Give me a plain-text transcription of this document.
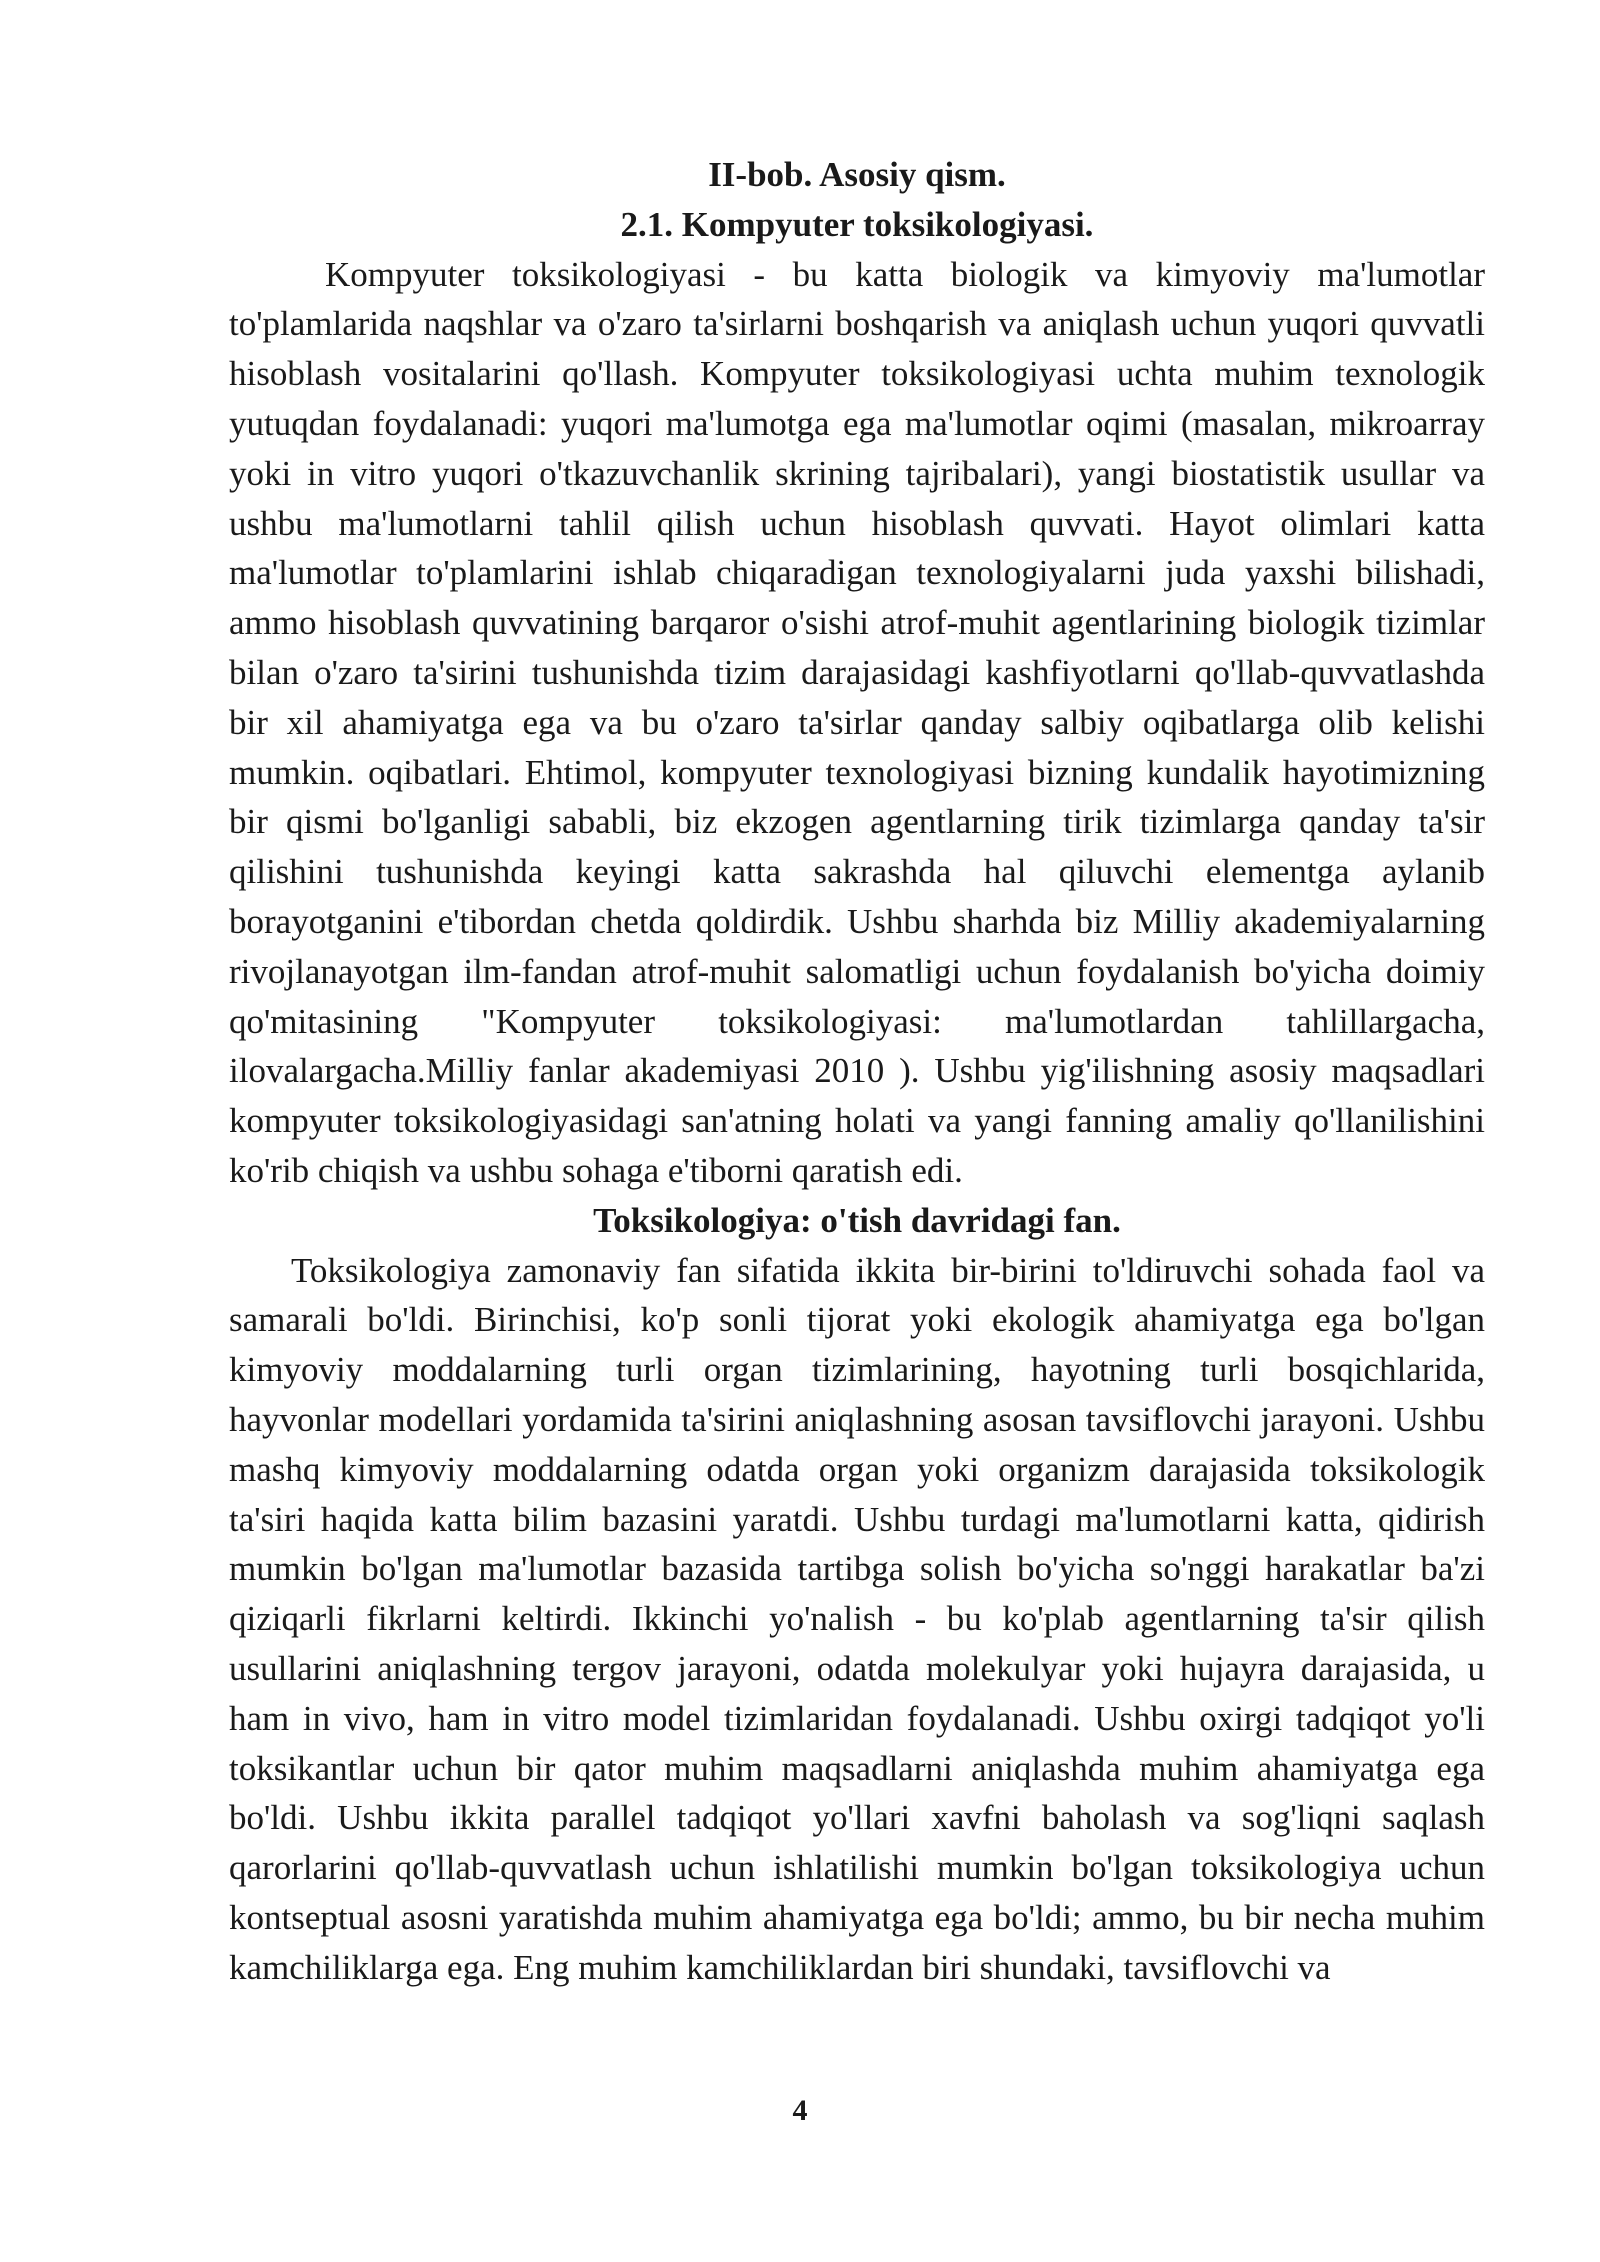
II-bob. Asosiy qism.

2.1. Kompyuter toksikologiyasi.

Kompyuter toksikologiyasi - bu katta biologik va kimyoviy ma'lumotlar to'plamlarida naqshlar va o'zaro ta'sirlarni boshqarish va aniqlash uchun yuqori quvvatli hisoblash vositalarini qo'llash. Kompyuter toksikologiyasi uchta muhim texnologik yutuqdan foydalanadi: yuqori ma'lumotga ega ma'lumotlar oqimi (masalan, mikroarray yoki in vitro yuqori o'tkazuvchanlik skrining tajribalari), yangi biostatistik usullar va ushbu ma'lumotlarni tahlil qilish uchun hisoblash quvvati. Hayot olimlari katta ma'lumotlar to'plamlarini ishlab chiqaradigan texnologiyalarni juda yaxshi bilishadi, ammo hisoblash quvvatining barqaror o'sishi atrof-muhit agentlarining biologik tizimlar bilan o'zaro ta'sirini tushunishda tizim darajasidagi kashfiyotlarni qo'llab-quvvatlashda bir xil ahamiyatga ega va bu o'zaro ta'sirlar qanday salbiy oqibatlarga olib kelishi mumkin. oqibatlari. Ehtimol, kompyuter texnologiyasi bizning kundalik hayotimizning bir qismi bo'lganligi sababli, biz ekzogen agentlarning tirik tizimlarga qanday ta'sir qilishini tushunishda keyingi katta sakrashda hal qiluvchi elementga aylanib borayotganini e'tibordan chetda qoldirdik. Ushbu sharhda biz Milliy akademiyalarning rivojlanayotgan ilm-fandan atrof-muhit salomatligi uchun foydalanish bo'yicha doimiy qo'mitasining "Kompyuter toksikologiyasi: ma'lumotlardan tahlillargacha, ilovalargacha.Milliy fanlar akademiyasi 2010 ). Ushbu yig'ilishning asosiy maqsadlari kompyuter toksikologiyasidagi san'atning holati va yangi fanning amaliy qo'llanilishini ko'rib chiqish va ushbu sohaga e'tiborni qaratish edi.

Toksikologiya: o'tish davridagi fan.

Toksikologiya zamonaviy fan sifatida ikkita bir-birini to'ldiruvchi sohada faol va samarali bo'ldi. Birinchisi, ko'p sonli tijorat yoki ekologik ahamiyatga ega bo'lgan kimyoviy moddalarning turli organ tizimlarining, hayotning turli bosqichlarida, hayvonlar modellari yordamida ta'sirini aniqlashning asosan tavsiflovchi jarayoni. Ushbu mashq kimyoviy moddalarning odatda organ yoki organizm darajasida toksikologik ta'siri haqida katta bilim bazasini yaratdi. Ushbu turdagi ma'lumotlarni katta, qidirish mumkin bo'lgan ma'lumotlar bazasida tartibga solish bo'yicha so'nggi harakatlar ba'zi qiziqarli fikrlarni keltirdi. Ikkinchi yo'nalish - bu ko'plab agentlarning ta'sir qilish usullarini aniqlashning tergov jarayoni, odatda molekulyar yoki hujayra darajasida, u ham in vivo, ham in vitro model tizimlaridan foydalanadi. Ushbu oxirgi tadqiqot yo'li toksikantlar uchun bir qator muhim maqsadlarni aniqlashda muhim ahamiyatga ega bo'ldi. Ushbu ikkita parallel tadqiqot yo'llari xavfni baholash va sog'liqni saqlash qarorlarini qo'llab-quvvatlash uchun ishlatilishi mumkin bo'lgan toksikologiya uchun kontseptual asosni yaratishda muhim ahamiyatga ega bo'ldi; ammo, bu bir necha muhim kamchiliklarga ega. Eng muhim kamchiliklardan biri shundaki, tavsiflovchi va

4
